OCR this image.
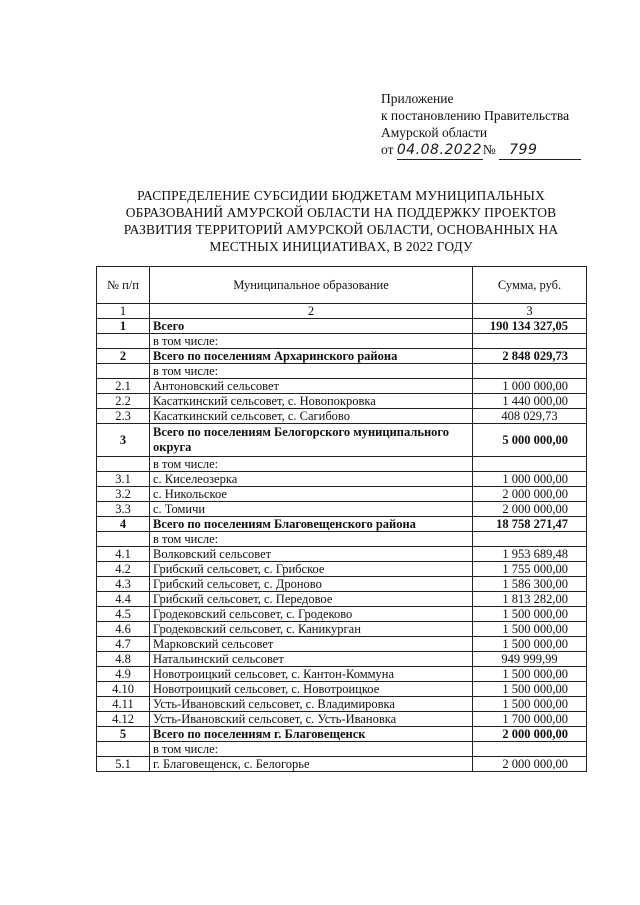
Приложение
к постановлению Правительства
Амурской области
от 04.08.2022№ 799
РАСПРЕДЕЛЕНИЕ СУБСИДИИ БЮДЖЕТАМ МУНИЦИПАЛЬНЫХ ОБРАЗОВАНИЙ АМУРСКОЙ ОБЛАСТИ НА ПОДДЕРЖКУ ПРОЕКТОВ РАЗВИТИЯ ТЕРРИТОРИЙ АМУРСКОЙ ОБЛАСТИ, ОСНОВАННЫХ НА МЕСТНЫХ ИНИЦИАТИВАХ, В 2022 ГОДУ
№ п/п	Муниципальное образование	Сумма, руб.
1	2	3
1	Всего	190 134 327,05
	в том числе:	
2	Всего по поселениям Архаринского района	2 848 029,73
	в том числе:	
2.1	Антоновский сельсовет	1 000 000,00
2.2	Касаткинский сельсовет, с. Новопокровка	1 440 000,00
2.3	Касаткинский сельсовет, с. Сагибово	408 029,73
3	Всего по поселениям Белогорского муниципального округа	5 000 000,00
	в том числе:	
3.1	с. Киселеозерка	1 000 000,00
3.2	с. Никольское	2 000 000,00
3.3	с. Томичи	2 000 000,00
4	Всего по поселениям Благовещенского района	18 758 271,47
	в том числе:	
4.1	Волковский сельсовет	1 953 689,48
4.2	Грибский сельсовет, с. Грибское	1 755 000,00
4.3	Грибский сельсовет, с. Дроново	1 586 300,00
4.4	Грибский сельсовет, с. Передовое	1 813 282,00
4.5	Гродековский сельсовет, с. Гродеково	1 500 000,00
4.6	Гродековский сельсовет, с. Каникурган	1 500 000,00
4.7	Марковский сельсовет	1 500 000,00
4.8	Натальинский сельсовет	949 999,99
4.9	Новотроицкий сельсовет, с. Кантон-Коммуна	1 500 000,00
4.10	Новотроицкий сельсовет, с. Новотроицкое	1 500 000,00
4.11	Усть-Ивановский сельсовет, с. Владимировка	1 500 000,00
4.12	Усть-Ивановский сельсовет, с. Усть-Ивановка	1 700 000,00
5	Всего по поселениям г. Благовещенск	2 000 000,00
	в том числе:	
5.1	г. Благовещенск, с. Белогорье	2 000 000,00
